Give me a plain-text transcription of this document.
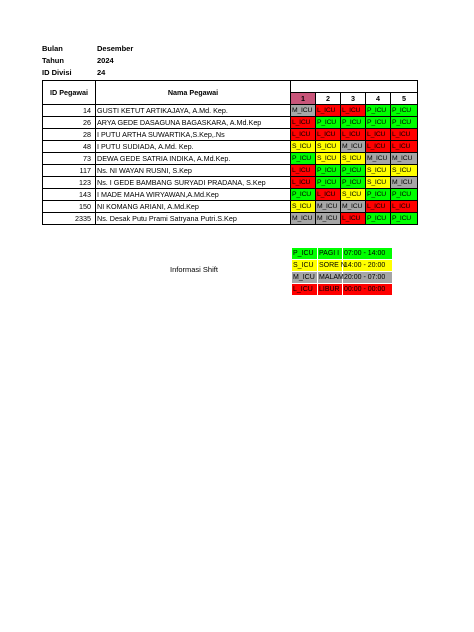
Bulan	Desember
Tahun	2024
ID Divisi	24
ID Pegawai	Nama Pegawai					
		1	2	3	4	5
14	GUSTI KETUT ARTIKAJAYA, A.Md. Kep.	M_ICU	L_ICU	L_ICU	P_ICU	P_ICU
26	ARYA GEDE DASAGUNA BAGASKARA, A.Md.Kep	L_ICU	P_ICU	P_ICU	P_ICU	P_ICU
28	I PUTU ARTHA SUWARTIKA,S.Kep,.Ns	L_ICU	L_ICU	L_ICU	L_ICU	L_ICU
48	I PUTU SUDIADA, A.Md. Kep.	S_ICU	S_ICU	M_ICU	L_ICU	L_ICU
73	DEWA GEDE SATRIA INDIKA, A.Md.Kep.	P_ICU	S_ICU	S_ICU	M_ICU	M_ICU
117	Ns. NI WAYAN RUSNI, S.Kep	L_ICU	P_ICU	P_ICU	S_ICU	S_ICU
123	Ns. I GEDE BAMBANG SURYADI PRADANA, S.Kep	L_ICU	P_ICU	P_ICU	S_ICU	M_ICU
143	I MADE MAHA WIRYAWAN,A.Md.Kep	P_ICU	L_ICU	S_ICU	P_ICU	P_ICU
150	NI KOMANG ARIANI, A.Md.Kep	S_ICU	M_ICU	M_ICU	L_ICU	L_ICU
2335	Ns. Desak Putu Prami Satryana Putri.S.Kep	M_ICU	M_ICU	L_ICU	P_ICU	P_ICU
Informasi Shift
P_ICU	PAGI I	07:00 - 14:00
S_ICU	SORE N	14:00 - 20:00
M_ICU	MALAM	20:00 - 07:00
L_ICU	LIBUR	00:00 - 00:00
